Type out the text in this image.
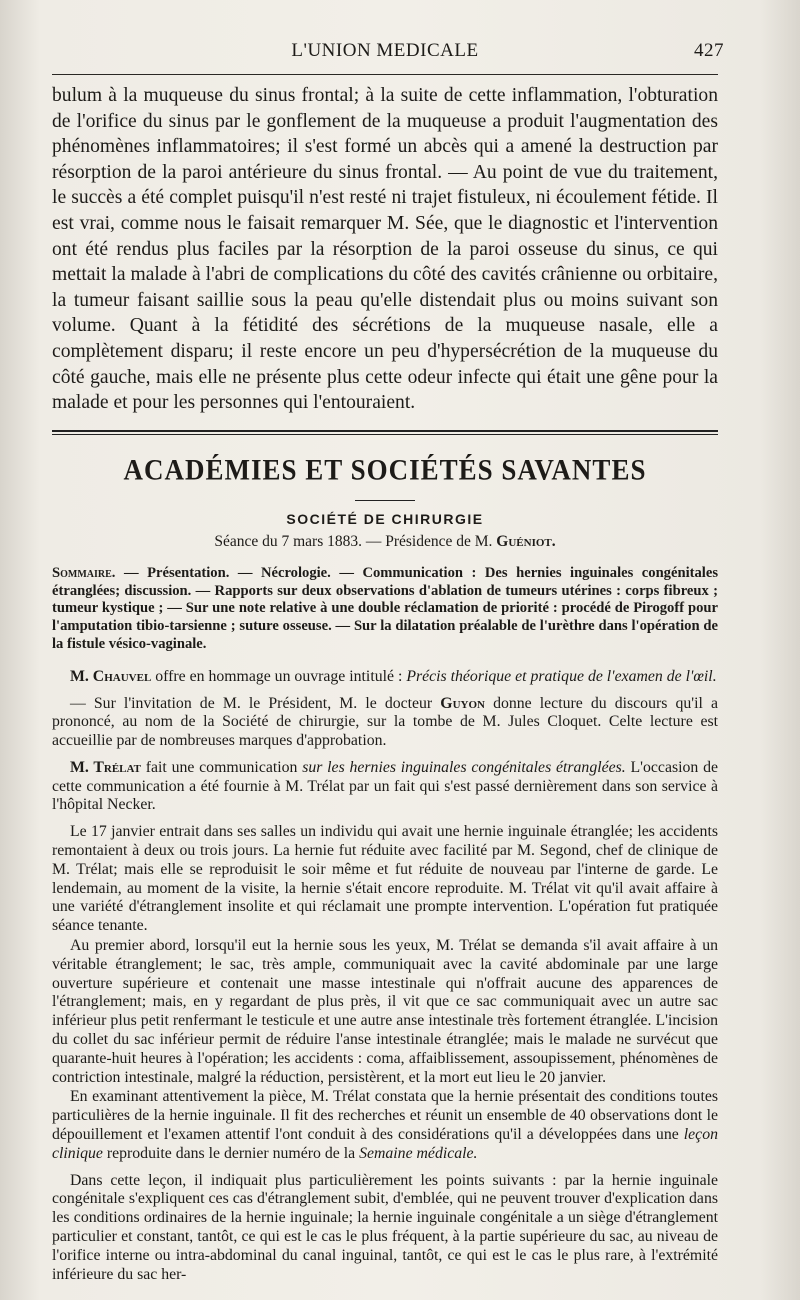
L'UNION MEDICALE	427

bulum à la muqueuse du sinus frontal; à la suite de cette inflammation, l'obturation de l'orifice du sinus par le gonflement de la muqueuse a produit l'augmentation des phénomènes inflammatoires; il s'est formé un abcès qui a amené la destruction par résorption de la paroi antérieure du sinus frontal. — Au point de vue du traitement, le succès a été complet puisqu'il n'est resté ni trajet fistuleux, ni écoulement fétide. Il est vrai, comme nous le faisait remarquer M. Sée, que le diagnostic et l'intervention ont été rendus plus faciles par la résorption de la paroi osseuse du sinus, ce qui mettait la malade à l'abri de complications du côté des cavités crânienne ou orbitaire, la tumeur faisant saillie sous la peau qu'elle distendait plus ou moins suivant son volume. Quant à la fétidité des sécrétions de la muqueuse nasale, elle a complètement disparu; il reste encore un peu d'hypersécrétion de la muqueuse du côté gauche, mais elle ne présente plus cette odeur infecte qui était une gêne pour la malade et pour les personnes qui l'entouraient.

ACADÉMIES ET SOCIÉTÉS SAVANTES
SOCIÉTÉ DE CHIRURGIE

Séance du 7 mars 1883. — Présidence de M. Guéniot.

Sommaire. — Présentation. — Nécrologie. — Communication : Des hernies inguinales congénitales étranglées; discussion. — Rapports sur deux observations d'ablation de tumeurs utérines : corps fibreux ; tumeur kystique ; — Sur une note relative à une double réclamation de priorité : procédé de Pirogoff pour l'amputation tibio-tarsienne ; suture osseuse. — Sur la dilatation préalable de l'urèthre dans l'opération de la fistule vésico-vaginale.

M. Chauvel offre en hommage un ouvrage intitulé : Précis théorique et pratique de l'examen de l'œil.

— Sur l'invitation de M. le Président, M. le docteur Guyon donne lecture du discours qu'il a prononcé, au nom de la Société de chirurgie, sur la tombe de M. Jules Cloquet. Celte lecture est accueillie par de nombreuses marques d'approbation.

M. Trélat fait une communication sur les hernies inguinales congénitales étranglées. L'occasion de cette communication a été fournie à M. Trélat par un fait qui s'est passé dernièrement dans son service à l'hôpital Necker.

Le 17 janvier entrait dans ses salles un individu qui avait une hernie inguinale étranglée; les accidents remontaient à deux ou trois jours. La hernie fut réduite avec facilité par M. Segond, chef de clinique de M. Trélat; mais elle se reproduisit le soir même et fut réduite de nouveau par l'interne de garde. Le lendemain, au moment de la visite, la hernie s'était encore reproduite. M. Trélat vit qu'il avait affaire à une variété d'étranglement insolite et qui réclamait une prompte intervention. L'opération fut pratiquée séance tenante.

Au premier abord, lorsqu'il eut la hernie sous les yeux, M. Trélat se demanda s'il avait affaire à un véritable étranglement; le sac, très ample, communiquait avec la cavité abdominale par une large ouverture supérieure et contenait une masse intestinale qui n'offrait aucune des apparences de l'étranglement; mais, en y regardant de plus près, il vit que ce sac communiquait avec un autre sac inférieur plus petit renfermant le testicule et une autre anse intestinale très fortement étranglée. L'incision du collet du sac inférieur permit de réduire l'anse intestinale étranglée; mais le malade ne survécut que quarante-huit heures à l'opération; les accidents : coma, affaiblissement, assoupissement, phénomènes de contriction intestinale, malgré la réduction, persistèrent, et la mort eut lieu le 20 janvier.

En examinant attentivement la pièce, M. Trélat constata que la hernie présentait des conditions toutes particulières de la hernie inguinale. Il fit des recherches et réunit un ensemble de 40 observations dont le dépouillement et l'examen attentif l'ont conduit à des considérations qu'il a développées dans une leçon clinique reproduite dans le dernier numéro de la Semaine médicale.

Dans cette leçon, il indiquait plus particulièrement les points suivants : par la hernie inguinale congénitale s'expliquent ces cas d'étranglement subit, d'emblée, qui ne peuvent trouver d'explication dans les conditions ordinaires de la hernie inguinale; la hernie inguinale congénitale a un siège d'étranglement particulier et constant, tantôt, ce qui est le cas le plus fréquent, à la partie supérieure du sac, au niveau de l'orifice interne ou intra-abdominal du canal inguinal, tantôt, ce qui est le cas le plus rare, à l'extrémité inférieure du sac her-
